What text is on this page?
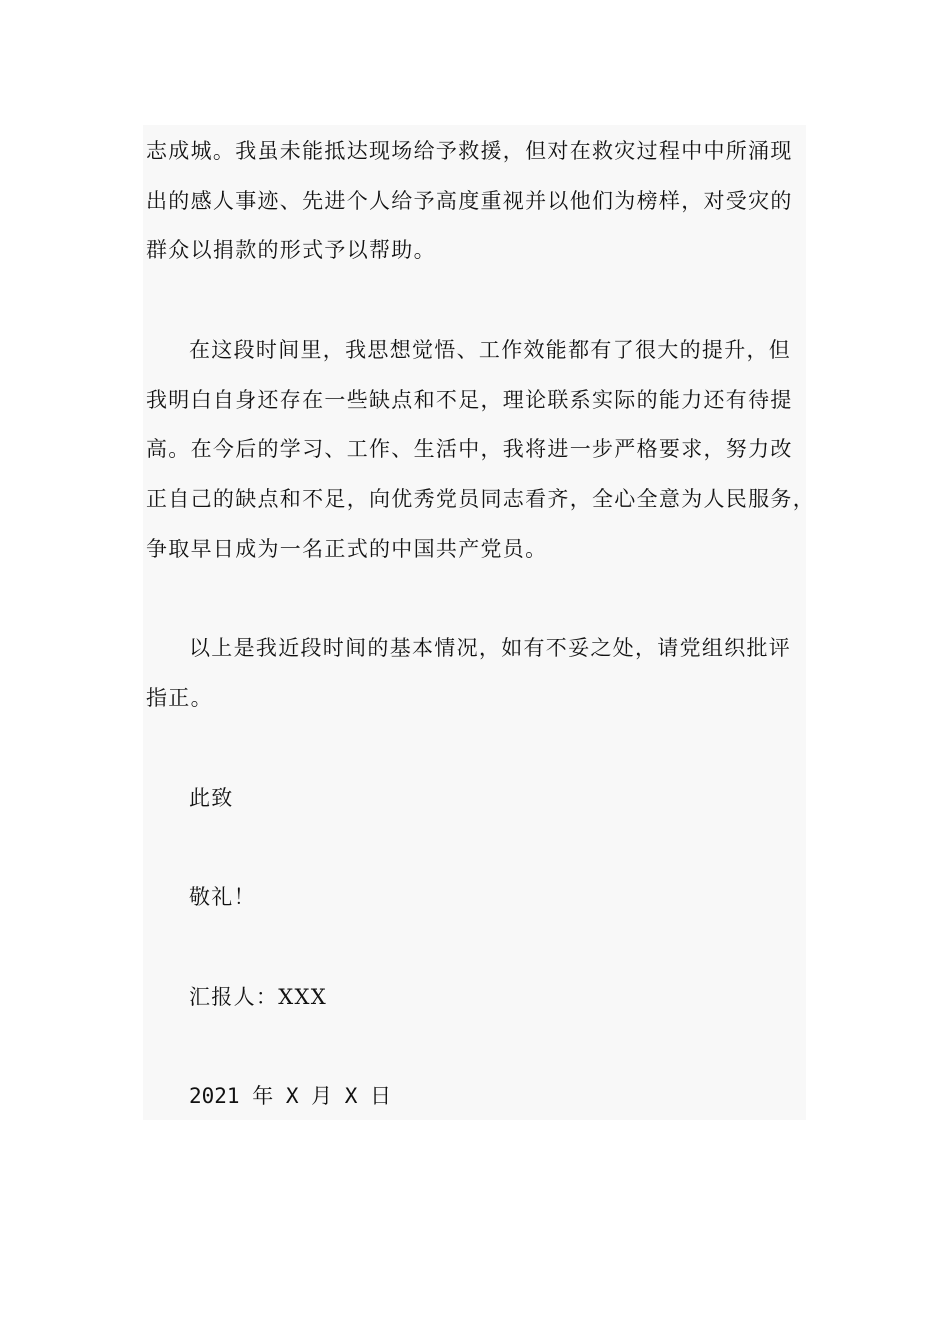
志成城。我虽未能抵达现场给予救援，但对在救灾过程中中所涌现
出的感人事迹、先进个人给予高度重视并以他们为榜样，对受灾的
群众以捐款的形式予以帮助。
在这段时间里，我思想觉悟、工作效能都有了很大的提升，但
我明白自身还存在一些缺点和不足，理论联系实际的能力还有待提
高。在今后的学习、工作、生活中，我将进一步严格要求，努力改
正自己的缺点和不足，向优秀党员同志看齐，全心全意为人民服务，
争取早日成为一名正式的中国共产党员。
以上是我近段时间的基本情况，如有不妥之处，请党组织批评
指正。
此致
敬礼！
汇报人：XXX
2021 年 X 月 X 日
